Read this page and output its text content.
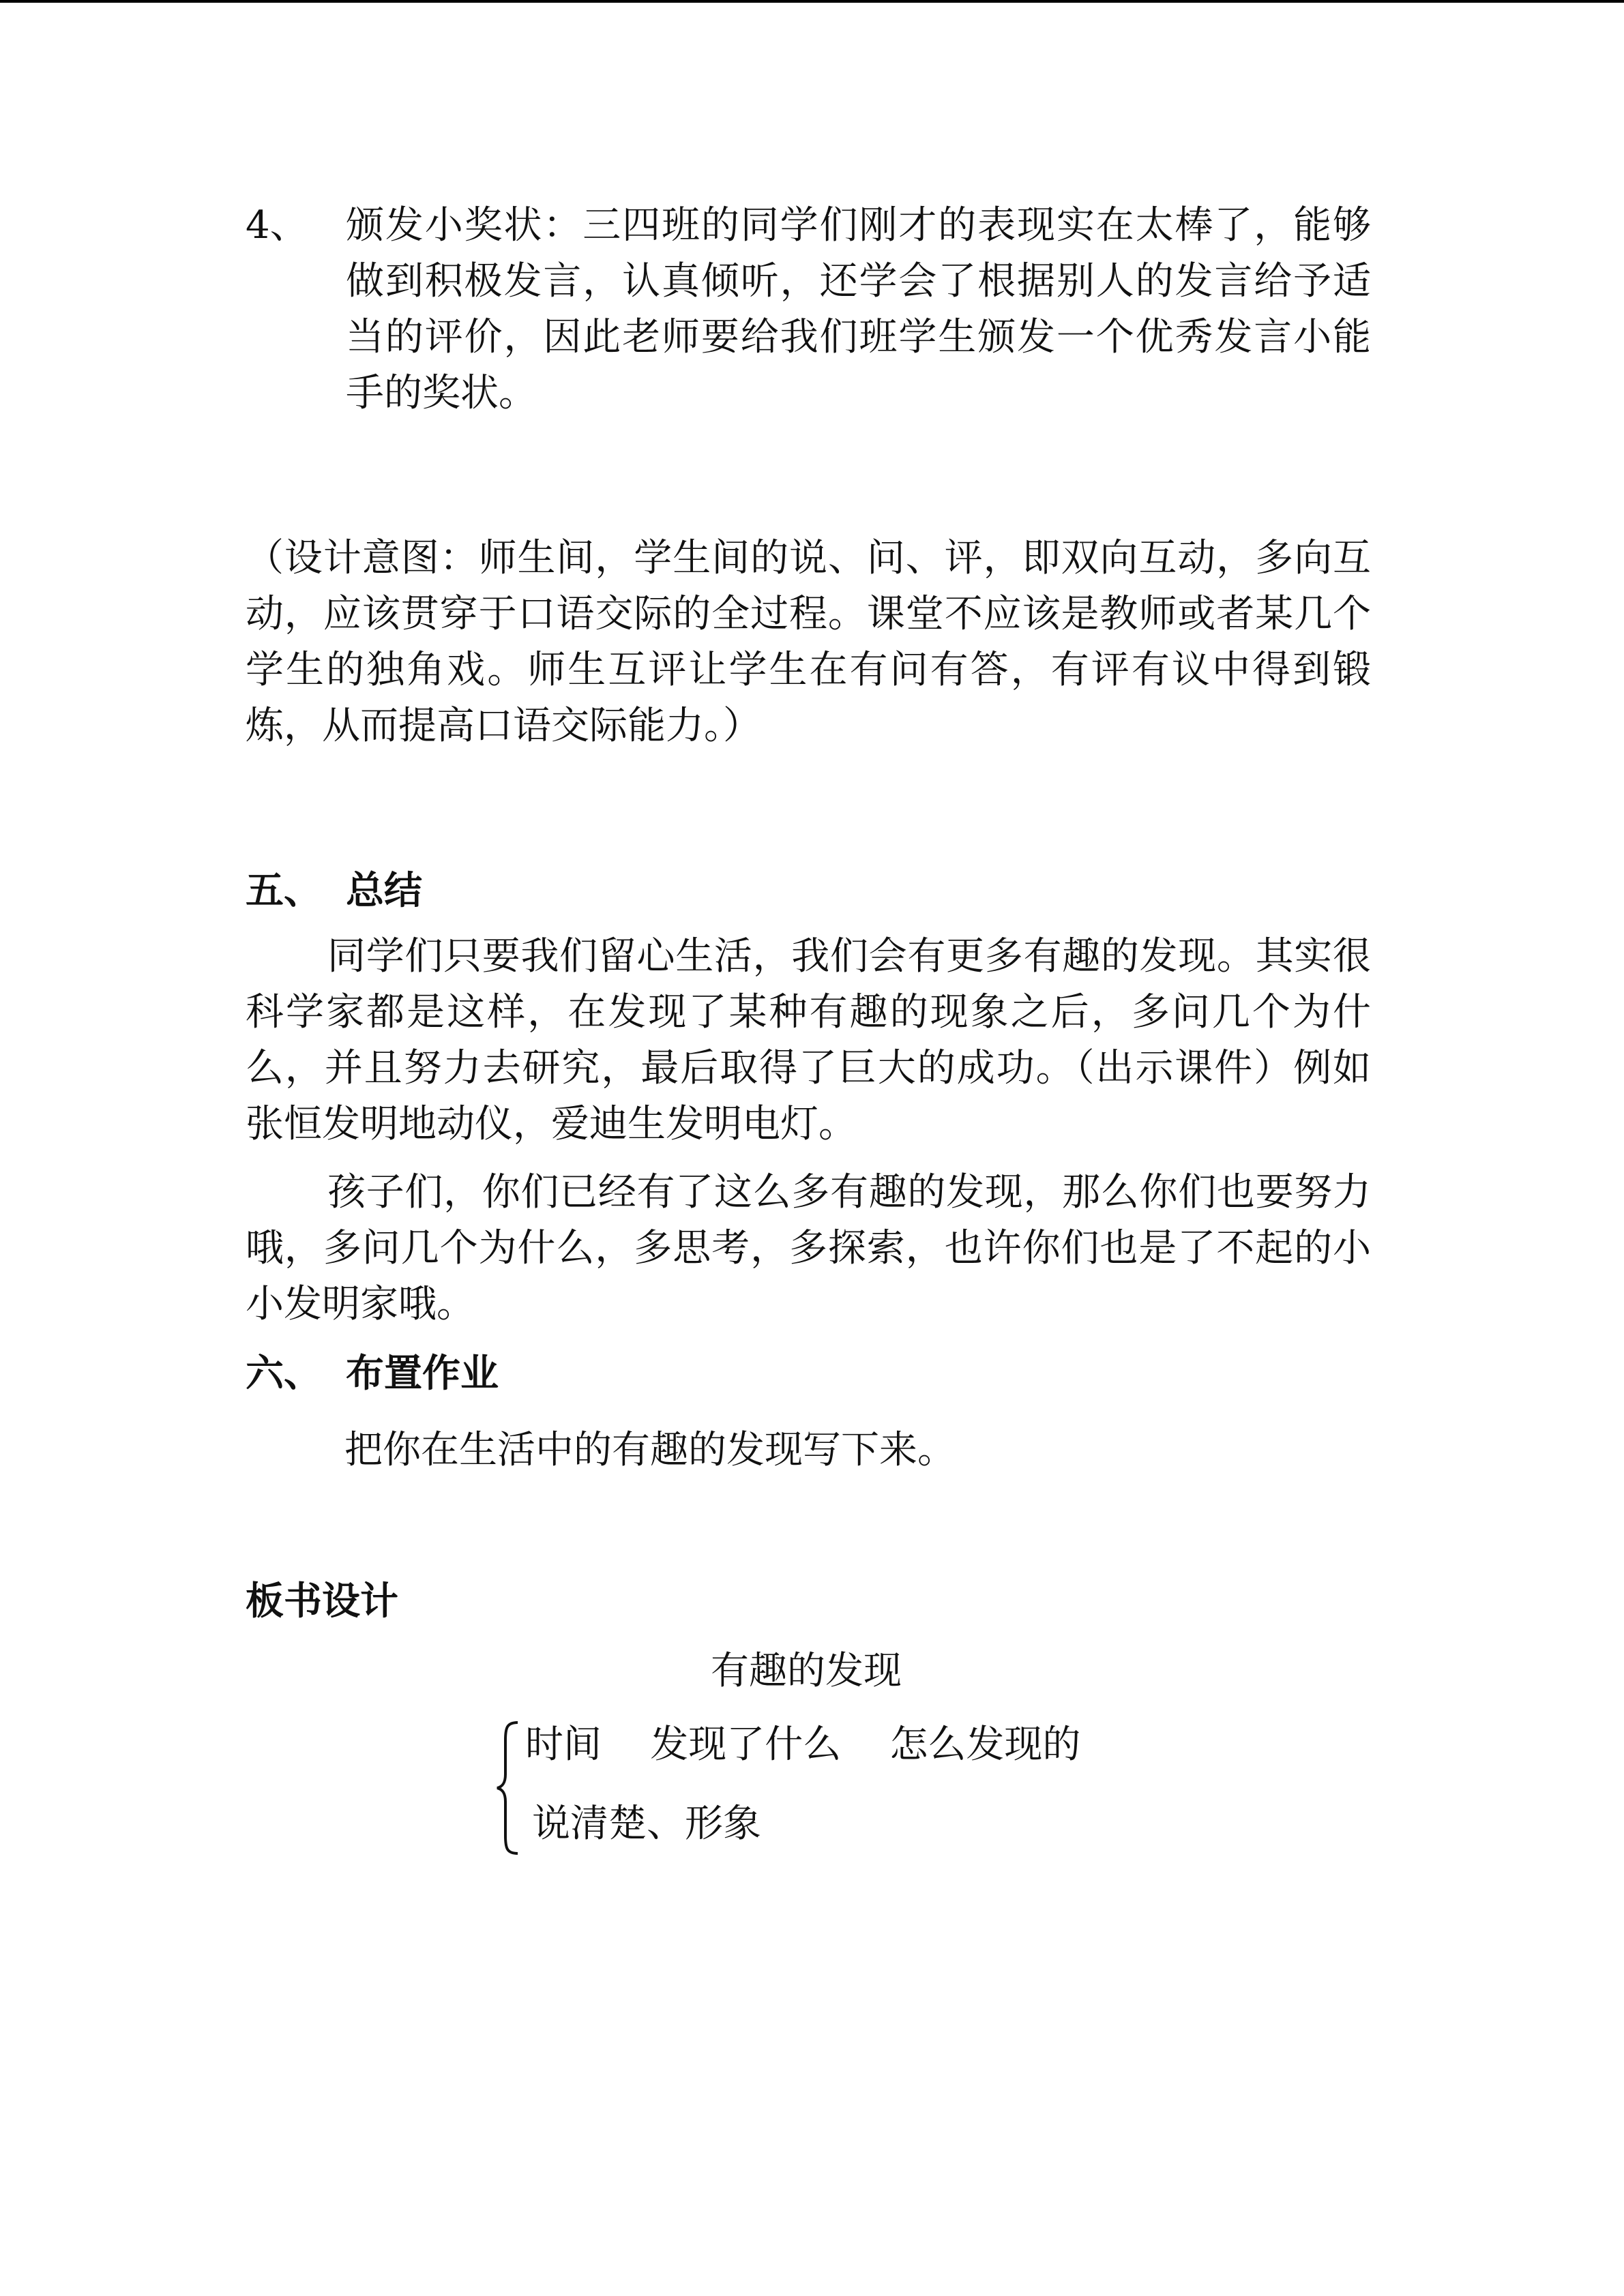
4、 颁发小奖状：三四班的同学们刚才的表现实在太棒了，能够做到积极发言，认真倾听，还学会了根据别人的发言给予适当的评价，因此老师要给我们班学生颁发一个优秀发言小能手的奖状。
（设计意图：师生间，学生间的说、问、评，即双向互动，多向互动，应该贯穿于口语交际的全过程。课堂不应该是教师或者某几个学生的独角戏。师生互评让学生在有问有答，有评有议中得到锻炼，从而提高口语交际能力。）
五、 总结
同学们只要我们留心生活，我们会有更多有趣的发现。其实很科学家都是这样，在发现了某种有趣的现象之后，多问几个为什么，并且努力去研究，最后取得了巨大的成功。（出示课件）例如张恒发明地动仪，爱迪生发明电灯。
孩子们，你们已经有了这么多有趣的发现，那么你们也要努力哦，多问几个为什么，多思考，多探索，也许你们也是了不起的小小发明家哦。
六、 布置作业
把你在生活中的有趣的发现写下来。
板书设计
有趣的发现
时间    发现了什么    怎么发现的
说清楚、形象
